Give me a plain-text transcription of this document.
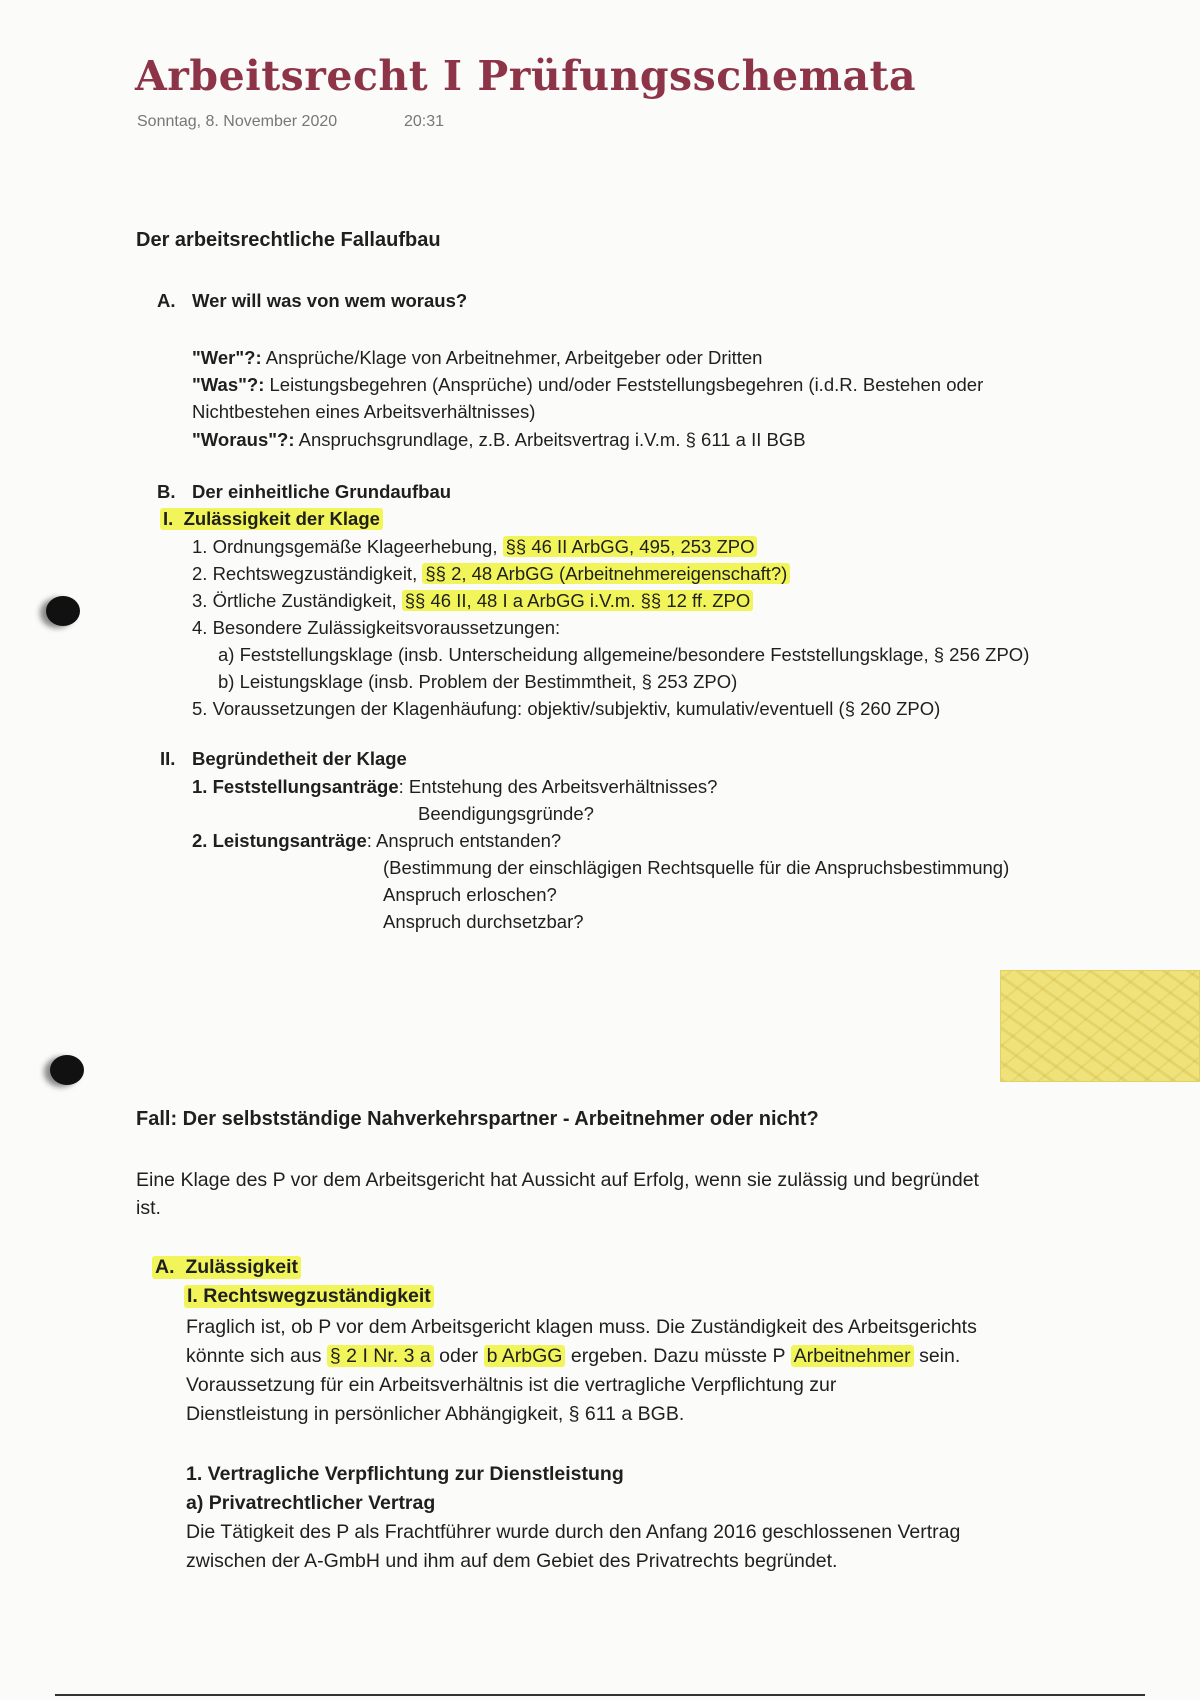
Arbeitsrecht I Prüfungsschemata
Sonntag, 8. November 2020	20:31
Der arbeitsrechtliche Fallaufbau
A. Wer will was von wem woraus?
"Wer"?: Ansprüche/Klage von Arbeitnehmer, Arbeitgeber oder Dritten
"Was"?: Leistungsbegehren (Ansprüche) und/oder Feststellungsbegehren (i.d.R. Bestehen oder
Nichtbestehen eines Arbeitsverhältnisses)
"Woraus"?: Anspruchsgrundlage, z.B. Arbeitsvertrag i.V.m. § 611 a II BGB
B. Der einheitliche Grundaufbau
I. Zulässigkeit der Klage
1. Ordnungsgemäße Klageerhebung, §§ 46 II ArbGG, 495, 253 ZPO
2. Rechtswegzuständigkeit, §§ 2, 48 ArbGG (Arbeitnehmereigenschaft?)
3. Örtliche Zuständigkeit, §§ 46 II, 48 I a ArbGG i.V.m. §§ 12 ff. ZPO
4. Besondere Zulässigkeitsvoraussetzungen:
a) Feststellungsklage (insb. Unterscheidung allgemeine/besondere Feststellungsklage, § 256 ZPO)
b) Leistungsklage (insb. Problem der Bestimmtheit, § 253 ZPO)
5. Voraussetzungen der Klagenhäufung: objektiv/subjektiv, kumulativ/eventuell (§ 260 ZPO)
II. Begründetheit der Klage
1. Feststellungsanträge: Entstehung des Arbeitsverhältnisses?
Beendigungsgründe?
2. Leistungsanträge: Anspruch entstanden?
(Bestimmung der einschlägigen Rechtsquelle für die Anspruchsbestimmung)
Anspruch erloschen?
Anspruch durchsetzbar?
Fall: Der selbstständige Nahverkehrspartner - Arbeitnehmer oder nicht?
Eine Klage des P vor dem Arbeitsgericht hat Aussicht auf Erfolg, wenn sie zulässig und begründet
ist.
A. Zulässigkeit
I. Rechtswegzuständigkeit
Fraglich ist, ob P vor dem Arbeitsgericht klagen muss. Die Zuständigkeit des Arbeitsgerichts
könnte sich aus § 2 I Nr. 3 a oder b ArbGG ergeben. Dazu müsste P Arbeitnehmer sein.
Voraussetzung für ein Arbeitsverhältnis ist die vertragliche Verpflichtung zur
Dienstleistung in persönlicher Abhängigkeit, § 611 a BGB.
1. Vertragliche Verpflichtung zur Dienstleistung
a) Privatrechtlicher Vertrag
Die Tätigkeit des P als Frachtführer wurde durch den Anfang 2016 geschlossenen Vertrag
zwischen der A-GmbH und ihm auf dem Gebiet des Privatrechts begründet.
